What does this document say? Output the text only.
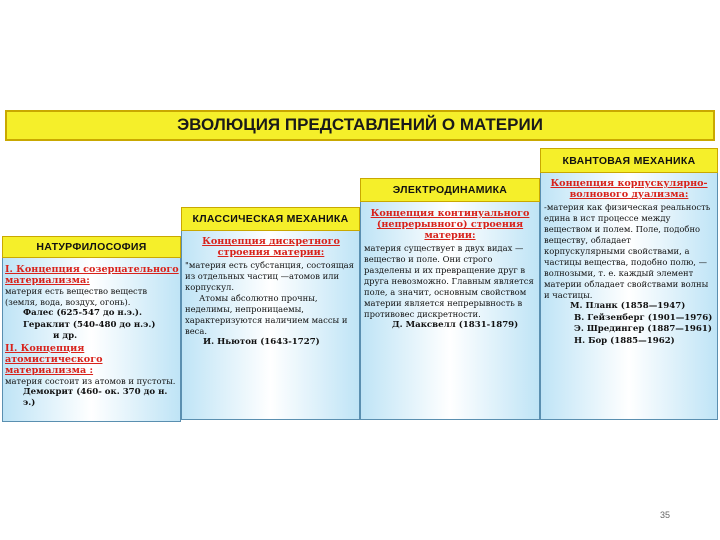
ЭВОЛЮЦИЯ ПРЕДСТАВЛЕНИЙ О МАТЕРИИ
НАТУРФИЛОСОФИЯ
I. Концепция созерцательного материализма:
материя есть вещество веществ (земля, вода, воздух, огонь).
Фалес (625-547 до н.э.).
Гераклит (540-480 до н.э.)
и др.
II. Концепция атомистического материализма :
материя состоит из атомов и пустоты.
Демокрит (460- ок. 370 до н. э.)
КЛАССИЧЕСКАЯ МЕХАНИКА
Концепция дискретного строения материи:
"материя есть субстанция, состоящая из отдельных частиц —атомов или корпускул.
Атомы абсолютно прочны, неделимы, непроницаемы, характеризуются наличием массы и веса.
И. Ньютон (1643-1727)
ЭЛЕКТРОДИНАМИКА
Концепция континуального (непрерывного) строения материи:
материя существует в двух видах — вещество и поле. Они строго разделены и их превращение друг в друга невозможно. Главным является поле, а значит, основным свойством материи является непрерывность в противовес дискретности.
Д. Максвелл (1831-1879)
КВАНТОВАЯ МЕХАНИКА
Концепция корпускулярно-волнового дуализма:
-материя как физическая реальность едина в ист процессе между веществом и полем. Поле, подобно веществу, обладает корпускулярными свойствами, а частицы вещества, подобно полю, — волнозыми, т. е. каждый элемент материи обладает свойствами волны и частицы.
М. Планк (1858—1947)
В. Гейзенберг (1901—1976)
Э. Шредингер (1887—1961)
Н. Бор (1885—1962)
35
